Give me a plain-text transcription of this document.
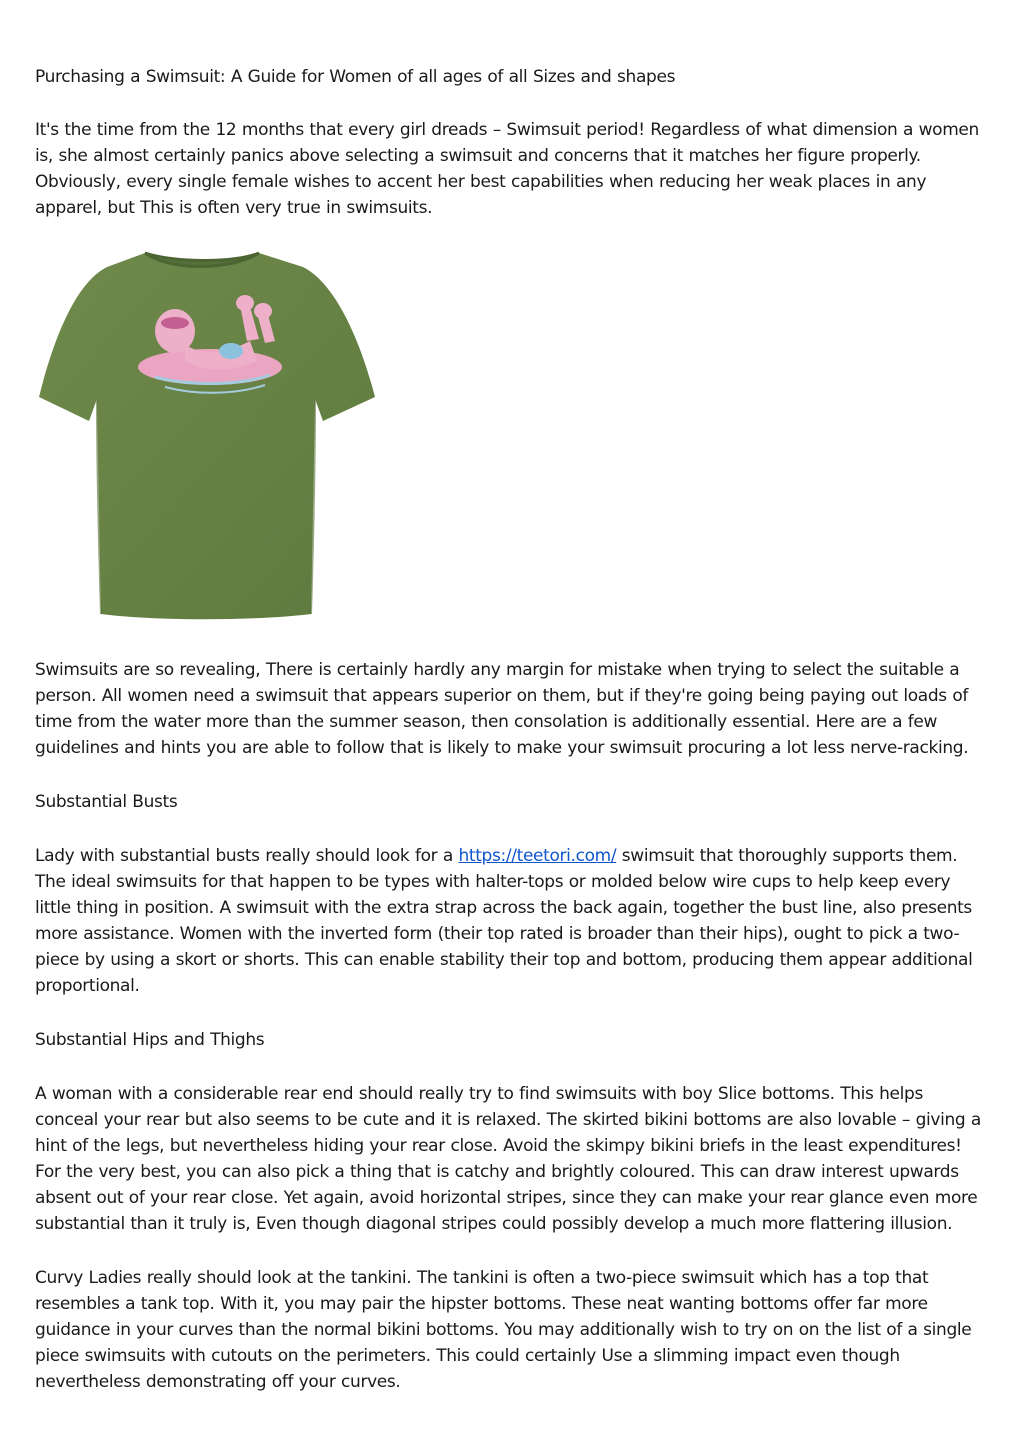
Purchasing a Swimsuit: A Guide for Women of all ages of all Sizes and shapes

It's the time from the 12 months that every girl dreads – Swimsuit period! Regardless of what dimension a women is, she almost certainly panics above selecting a swimsuit and concerns that it matches her figure properly. Obviously, every single female wishes to accent her best capabilities when reducing her weak places in any apparel, but This is often very true in swimsuits.

Swimsuits are so revealing, There is certainly hardly any margin for mistake when trying to select the suitable a person. All women need a swimsuit that appears superior on them, but if they're going being paying out loads of time from the water more than the summer season, then consolation is additionally essential. Here are a few guidelines and hints you are able to follow that is likely to make your swimsuit procuring a lot less nerve-racking.

Substantial Busts

Lady with substantial busts really should look for a https://teetori.com/ swimsuit that thoroughly supports them. The ideal swimsuits for that happen to be types with halter-tops or molded below wire cups to help keep every little thing in position. A swimsuit with the extra strap across the back again, together the bust line, also presents more assistance. Women with the inverted form (their top rated is broader than their hips), ought to pick a two-piece by using a skort or shorts. This can enable stability their top and bottom, producing them appear additional proportional.

Substantial Hips and Thighs

A woman with a considerable rear end should really try to find swimsuits with boy Slice bottoms. This helps conceal your rear but also seems to be cute and it is relaxed. The skirted bikini bottoms are also lovable – giving a hint of the legs, but nevertheless hiding your rear close. Avoid the skimpy bikini briefs in the least expenditures! For the very best, you can also pick a thing that is catchy and brightly coloured. This can draw interest upwards absent out of your rear close. Yet again, avoid horizontal stripes, since they can make your rear glance even more substantial than it truly is, Even though diagonal stripes could possibly develop a much more flattering illusion.

Curvy Ladies really should look at the tankini. The tankini is often a two-piece swimsuit which has a top that resembles a tank top. With it, you may pair the hipster bottoms. These neat wanting bottoms offer far more guidance in your curves than the normal bikini bottoms. You may additionally wish to try on on the list of a single piece swimsuits with cutouts on the perimeters. This could certainly Use a slimming impact even though nevertheless demonstrating off your curves.
